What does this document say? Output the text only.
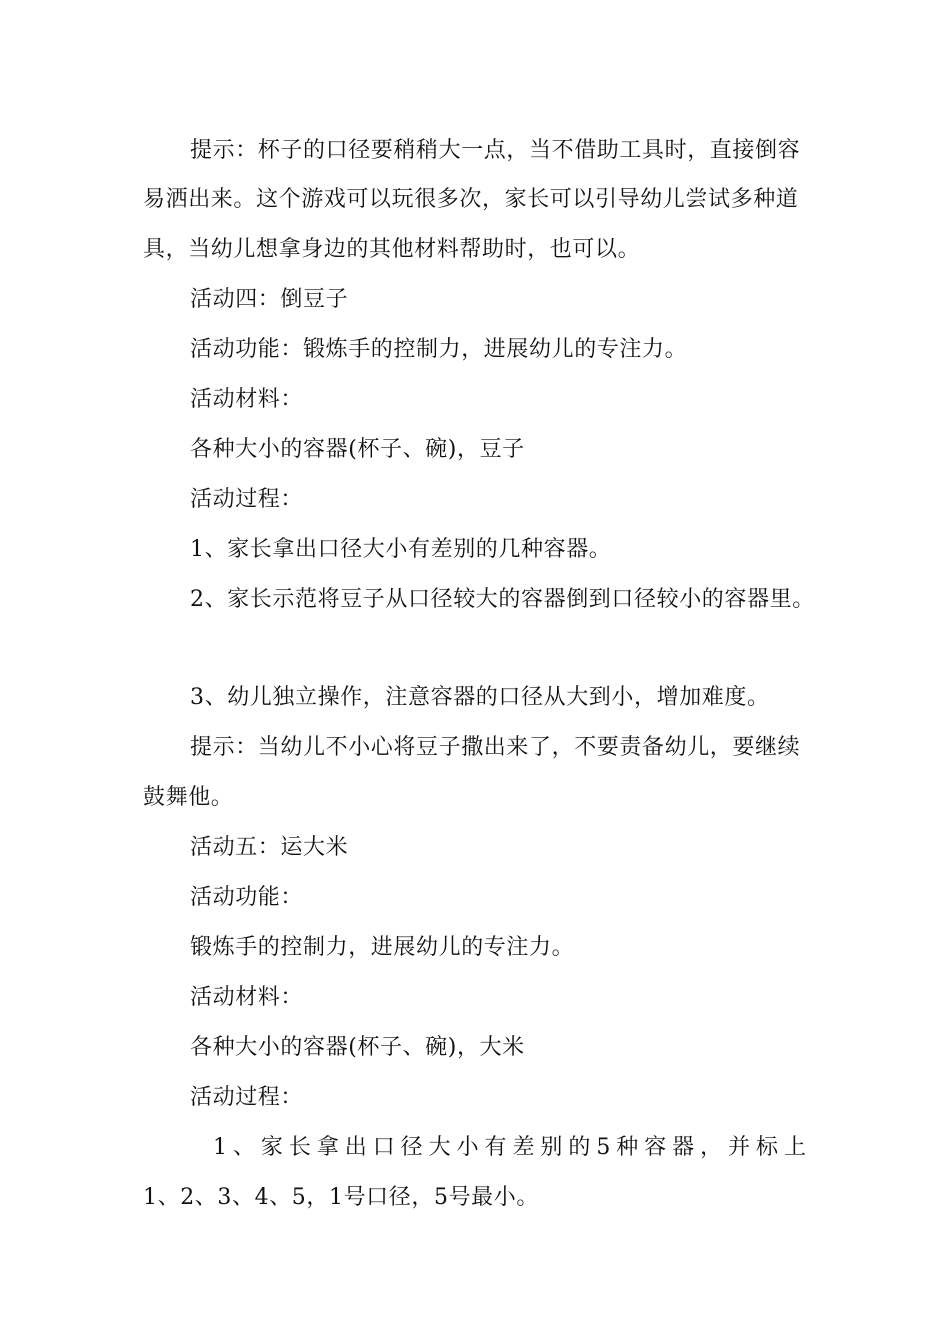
提示：杯子的口径要稍稍大一点，当不借助工具时，直接倒容
易洒出来。这个游戏可以玩很多次，家长可以引导幼儿尝试多种道
具，当幼儿想拿身边的其他材料帮助时，也可以。
活动四：倒豆子
活动功能：锻炼手的控制力，进展幼儿的专注力。
活动材料：
各种大小的容器(杯子、碗)，豆子
活动过程：
1、家长拿出口径大小有差别的几种容器。
2、家长示范将豆子从口径较大的容器倒到口径较小的容器里。
3、幼儿独立操作，注意容器的口径从大到小，增加难度。
提示：当幼儿不小心将豆子撒出来了，不要责备幼儿，要继续
鼓舞他。
活动五：运大米
活动功能：
锻炼手的控制力，进展幼儿的专注力。
活动材料：
各种大小的容器(杯子、碗)，大米
活动过程：
1、家长拿出口径大小有差别的5种容器，并标上
1、2、3、4、5，1号口径，5号最小。
